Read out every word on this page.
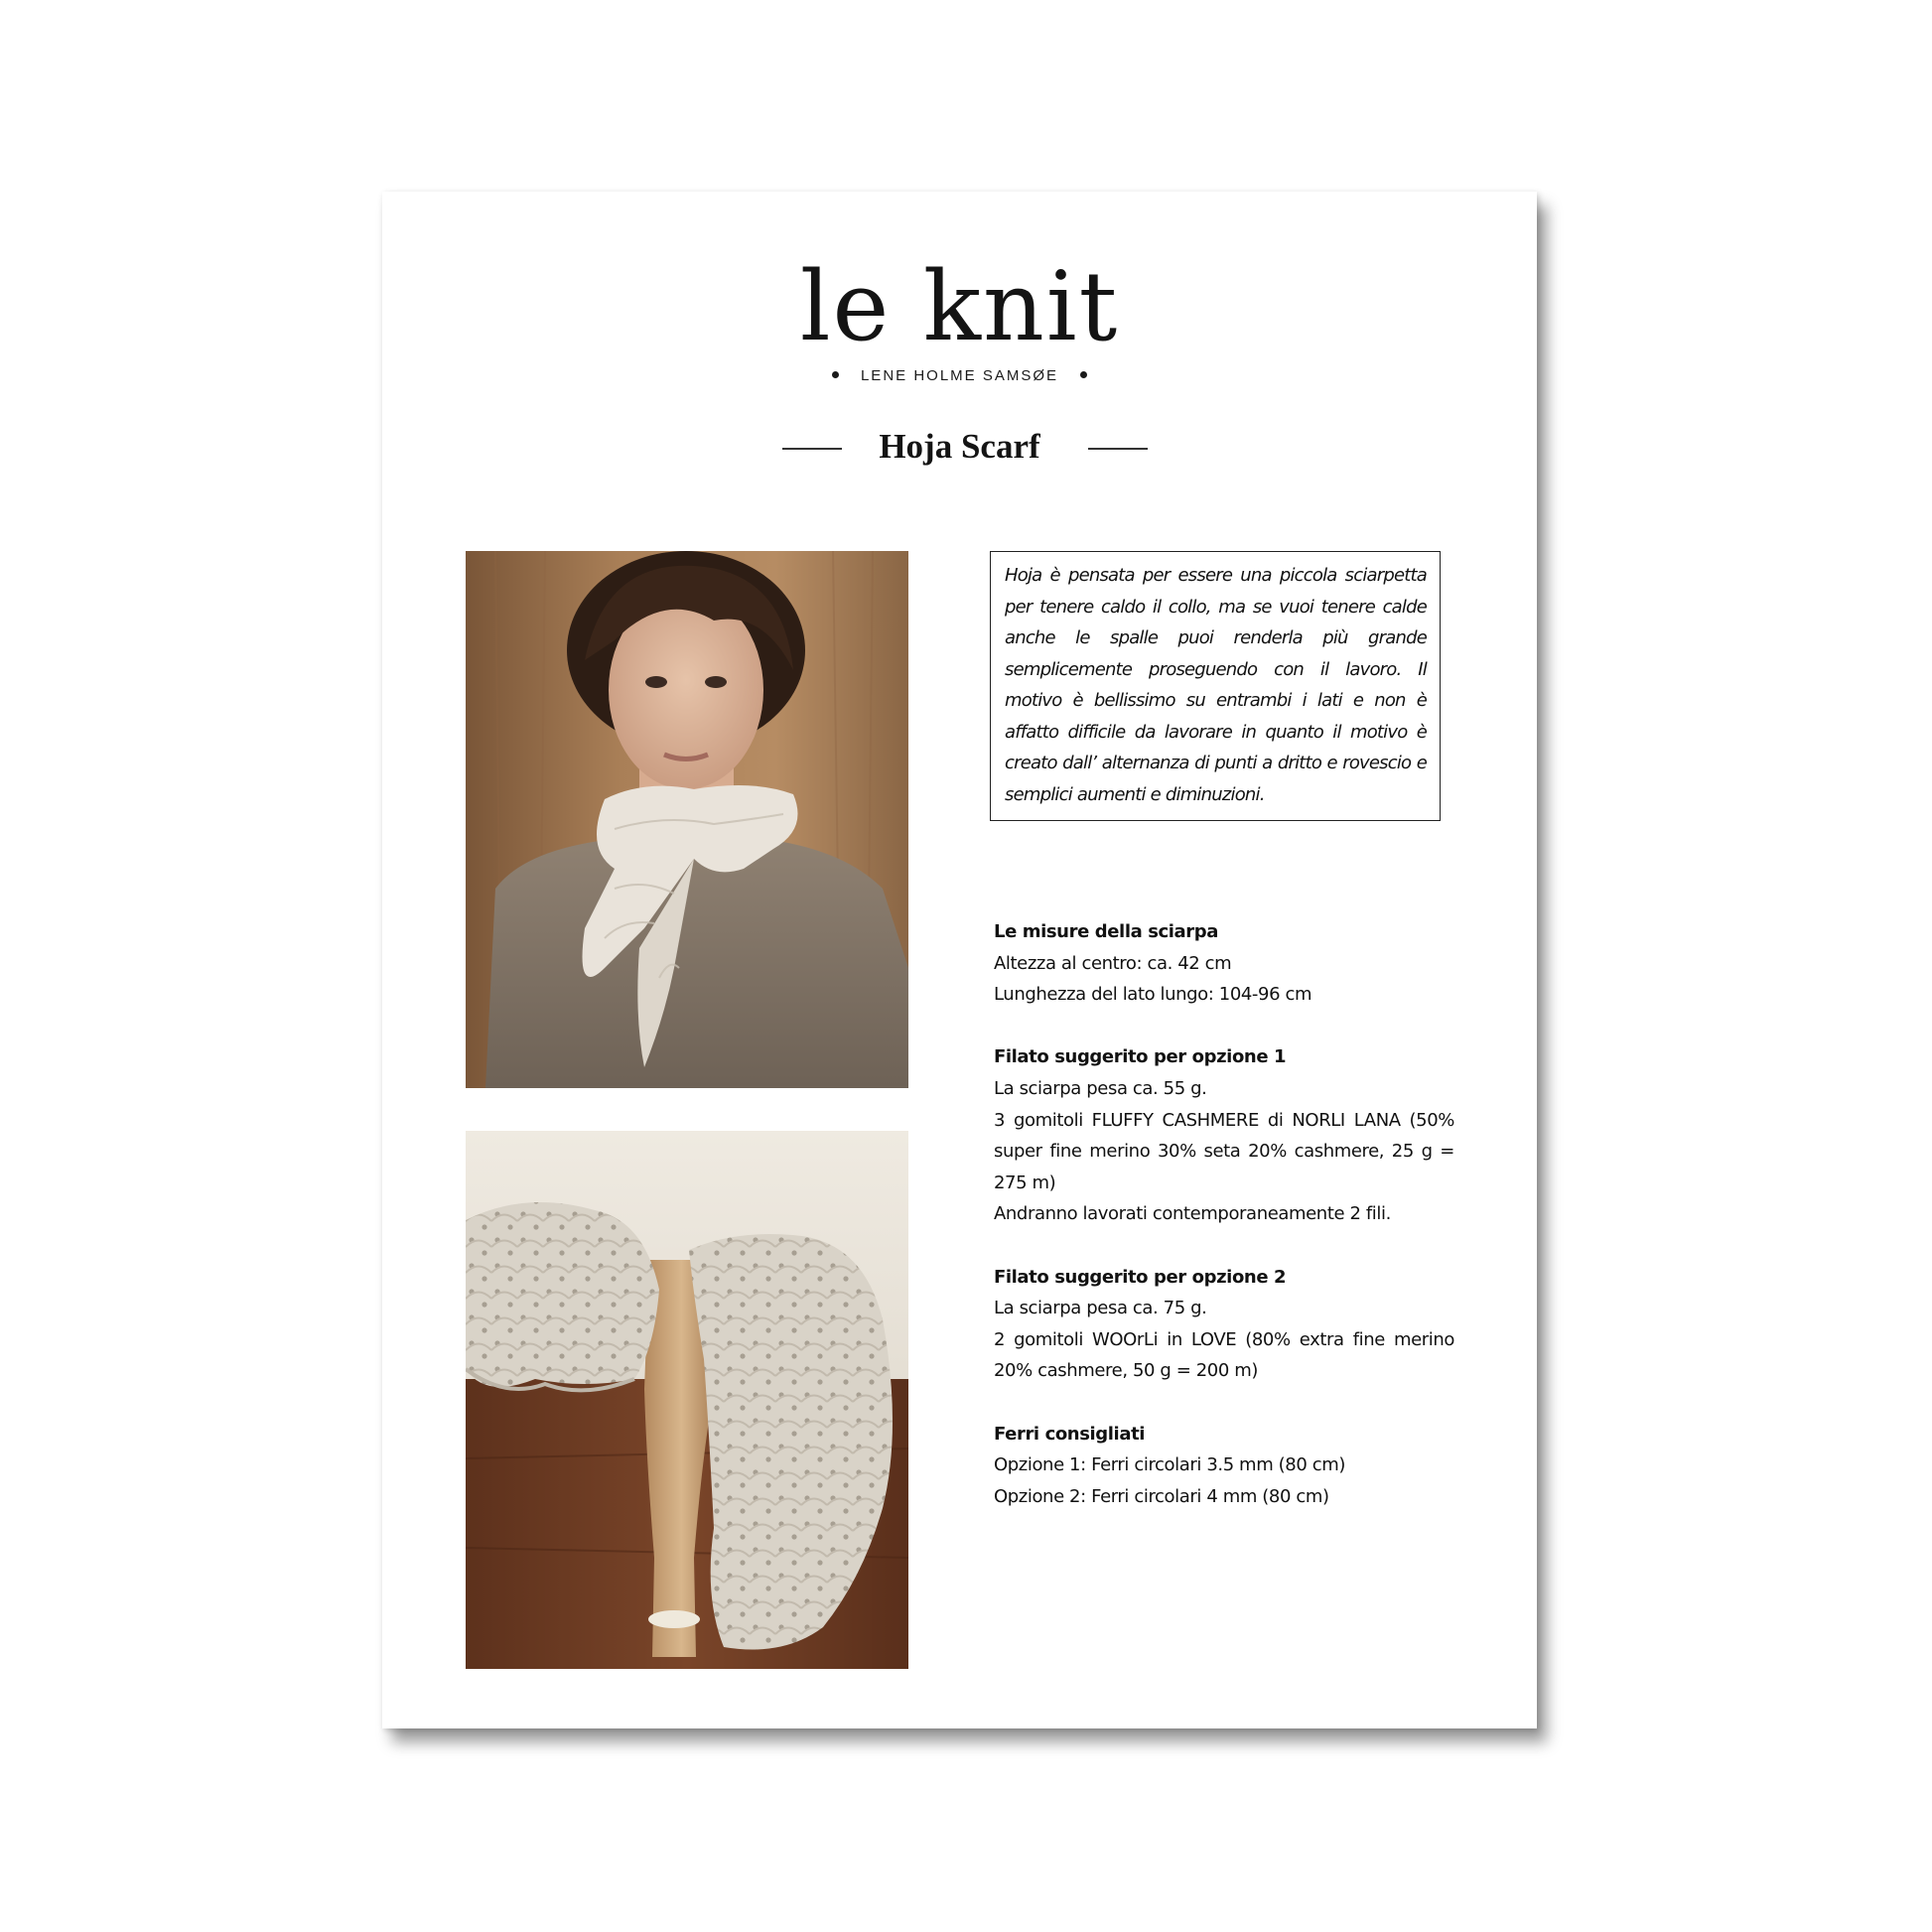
le knit
LENE HOLME SAMSØE
Hoja Scarf
Hoja è pensata per essere una piccola sciarpetta per tenere caldo il collo, ma se vuoi tenere calde anche le spalle puoi renderla più grande semplicemente proseguendo con il lavoro. Il motivo è bellissimo su entrambi i lati e non è affatto difficile da lavorare in quanto il motivo è creato dall’ alternanza di punti a dritto e rovescio e semplici aumenti e diminuzioni.
Le misure della sciarpa
Altezza al centro: ca. 42 cm
Lunghezza del lato lungo: 104-96 cm
Filato suggerito per opzione 1
La sciarpa pesa ca. 55 g.
3 gomitoli FLUFFY CASHMERE di NORLI LANA (50% super fine merino 30% seta 20% cashmere, 25 g = 275 m)
Andranno lavorati contemporaneamente 2 fili.
Filato suggerito per opzione 2
La sciarpa pesa ca. 75 g.
2 gomitoli WOOrLi in LOVE (80% extra fine merino 20% cashmere, 50 g = 200 m)
Ferri consigliati
Opzione 1: Ferri circolari 3.5 mm (80 cm)
Opzione 2: Ferri circolari 4 mm (80 cm)
